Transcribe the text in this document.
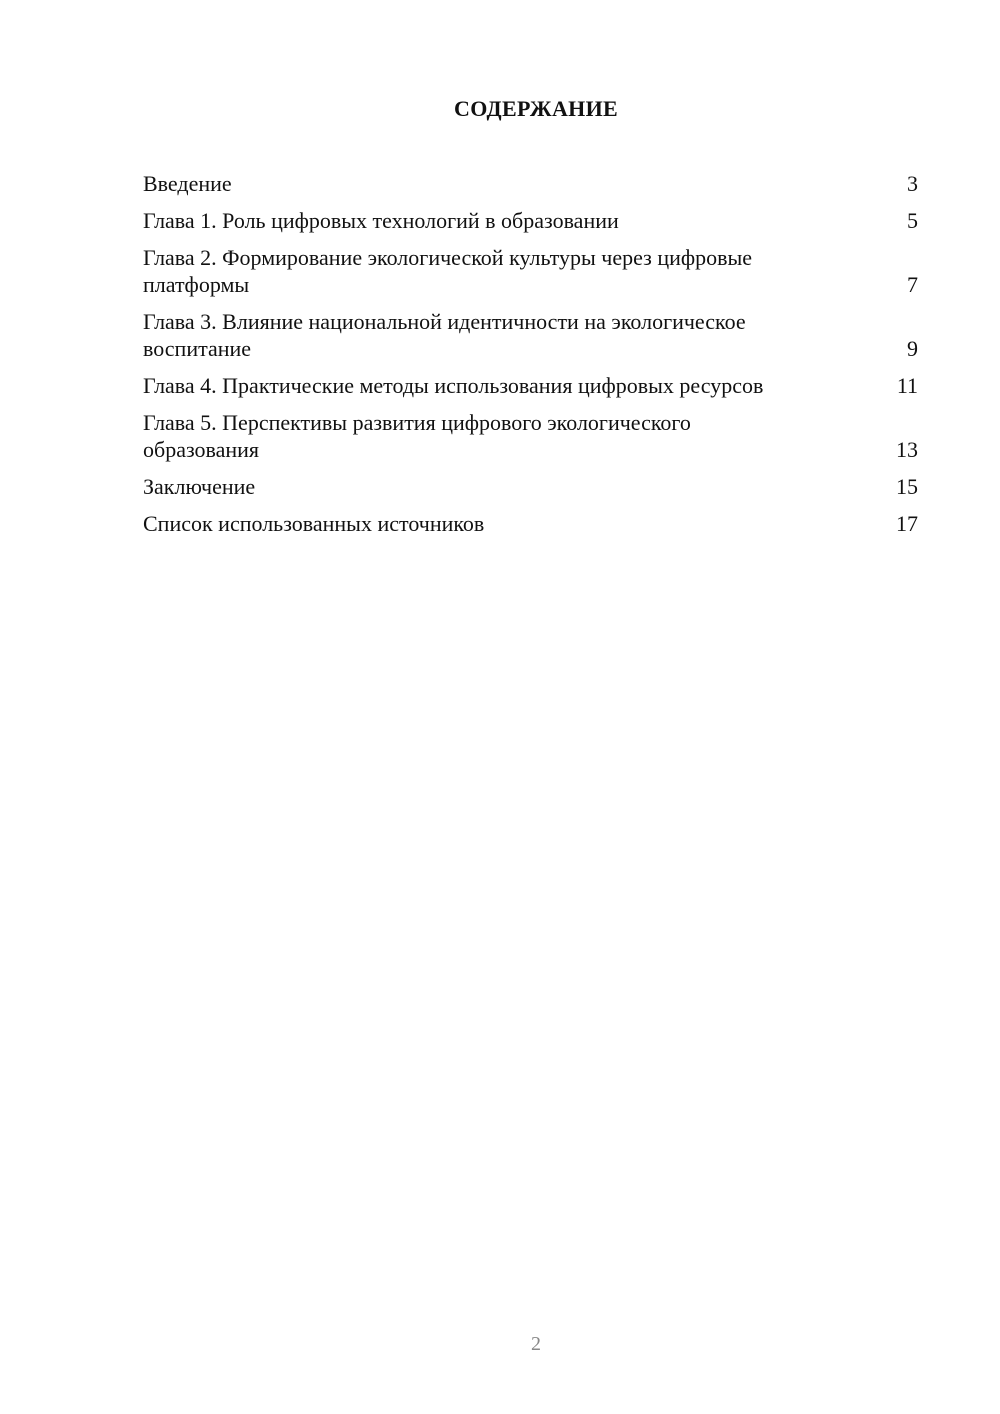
СОДЕРЖАНИЕ
Введение	3
Глава 1. Роль цифровых технологий в образовании	5
Глава 2. Формирование экологической культуры через цифровые платформы	7
Глава 3. Влияние национальной идентичности на экологическое воспитание	9
Глава 4. Практические методы использования цифровых ресурсов	11
Глава 5. Перспективы развития цифрового экологического образования	13
Заключение	15
Список использованных источников	17
2
